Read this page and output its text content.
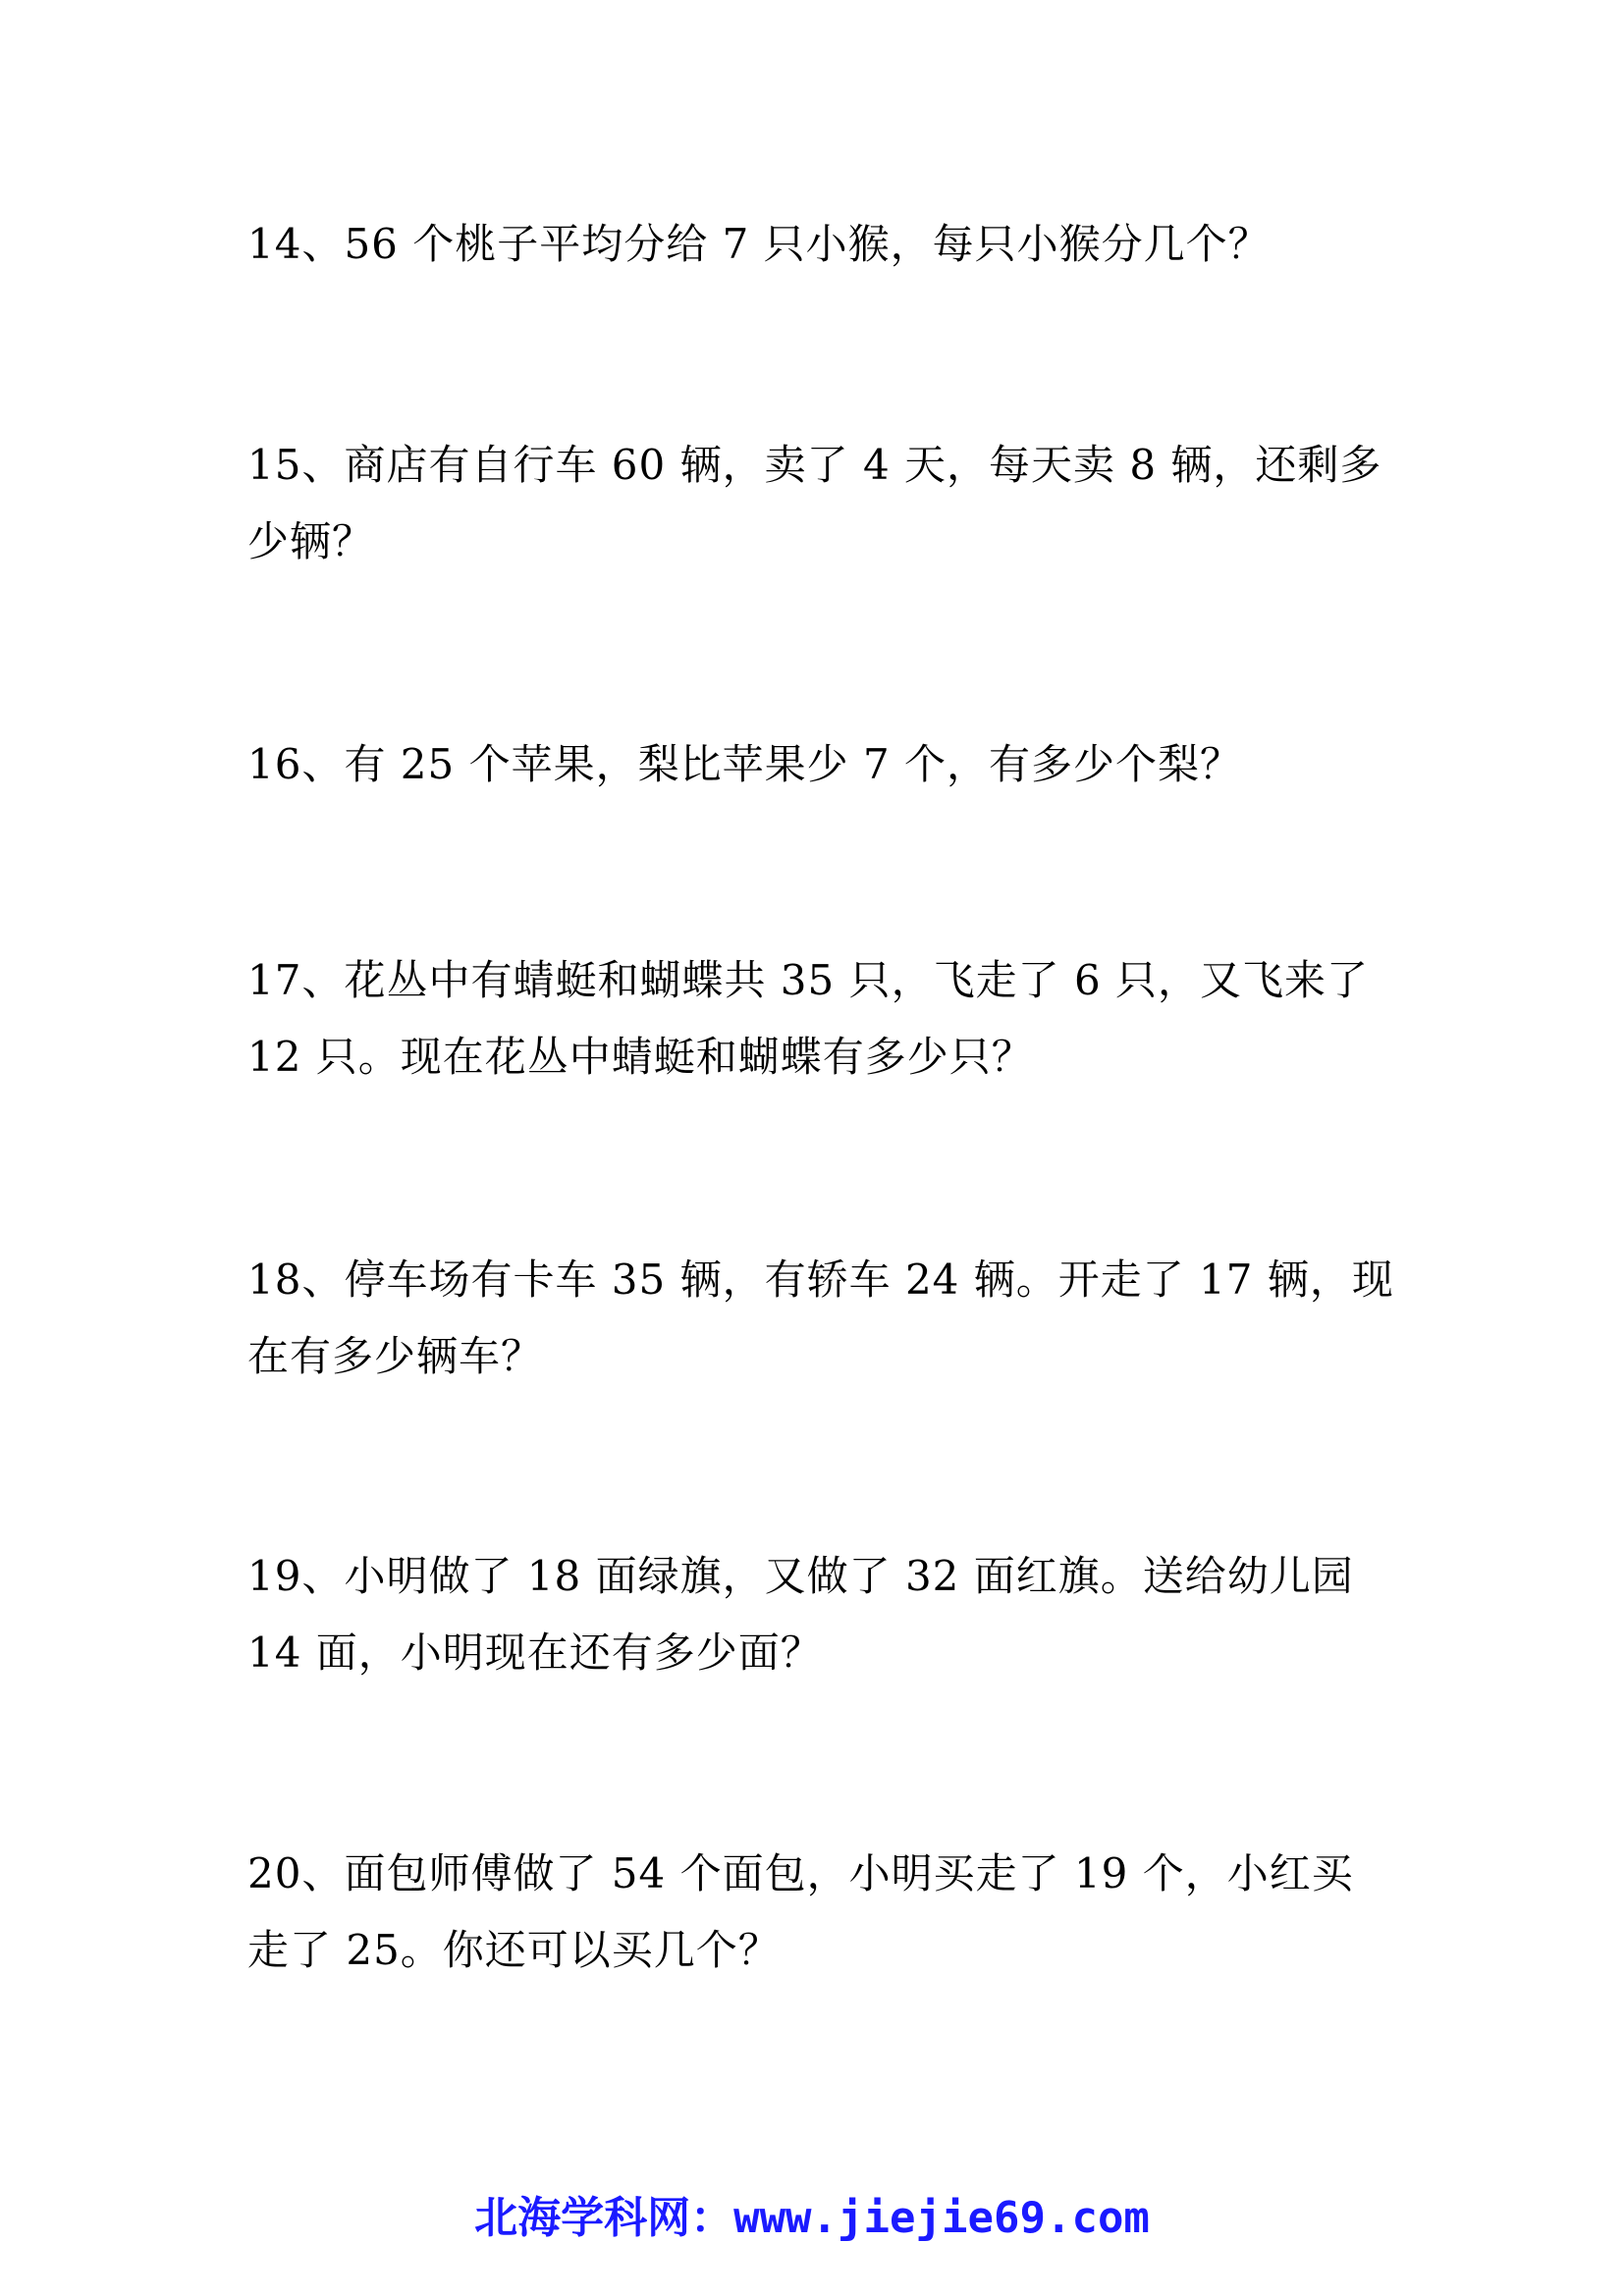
14、56 个桃子平均分给 7 只小猴，每只小猴分几个？
15、商店有自行车 60 辆，卖了 4 天，每天卖 8 辆，还剩多少辆？
16、有 25 个苹果，梨比苹果少 7 个，有多少个梨？
17、花丛中有蜻蜓和蝴蝶共 35 只，飞走了 6 只，又飞来了 12 只。现在花丛中蜻蜓和蝴蝶有多少只？
18、停车场有卡车 35 辆，有轿车 24 辆。开走了 17 辆，现在有多少辆车？
19、小明做了 18 面绿旗，又做了 32 面红旗。送给幼儿园 14 面，小明现在还有多少面？
20、面包师傅做了 54 个面包，小明买走了 19 个，小红买走了 25。你还可以买几个？
北海学科网：www.jiejie69.com
